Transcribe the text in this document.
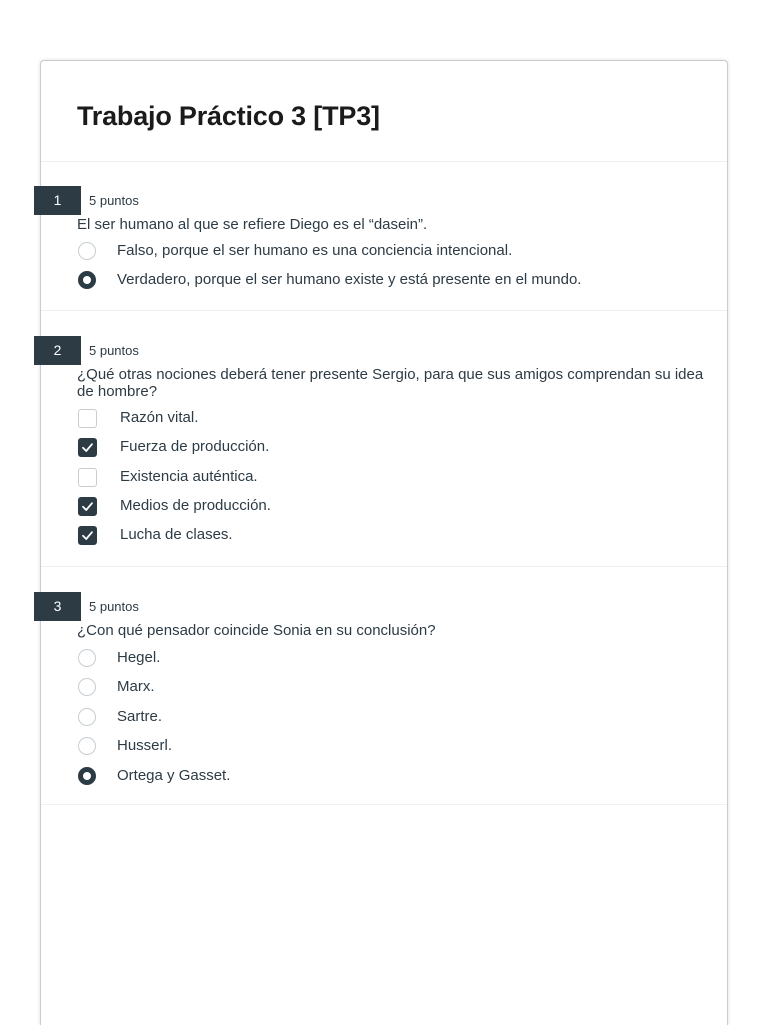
Trabajo Práctico 3 [TP3]
1	5 puntos
El ser humano al que se refiere Diego es el “dasein”.
Falso, porque el ser humano es una conciencia intencional.
Verdadero, porque el ser humano existe y está presente en el mundo.
2	5 puntos
¿Qué otras nociones deberá tener presente Sergio, para que sus amigos comprendan su idea de hombre?
Razón vital.
Fuerza de producción.
Existencia auténtica.
Medios de producción.
Lucha de clases.
3	5 puntos
¿Con qué pensador coincide Sonia en su conclusión?
Hegel.
Marx.
Sartre.
Husserl.
Ortega y Gasset.
